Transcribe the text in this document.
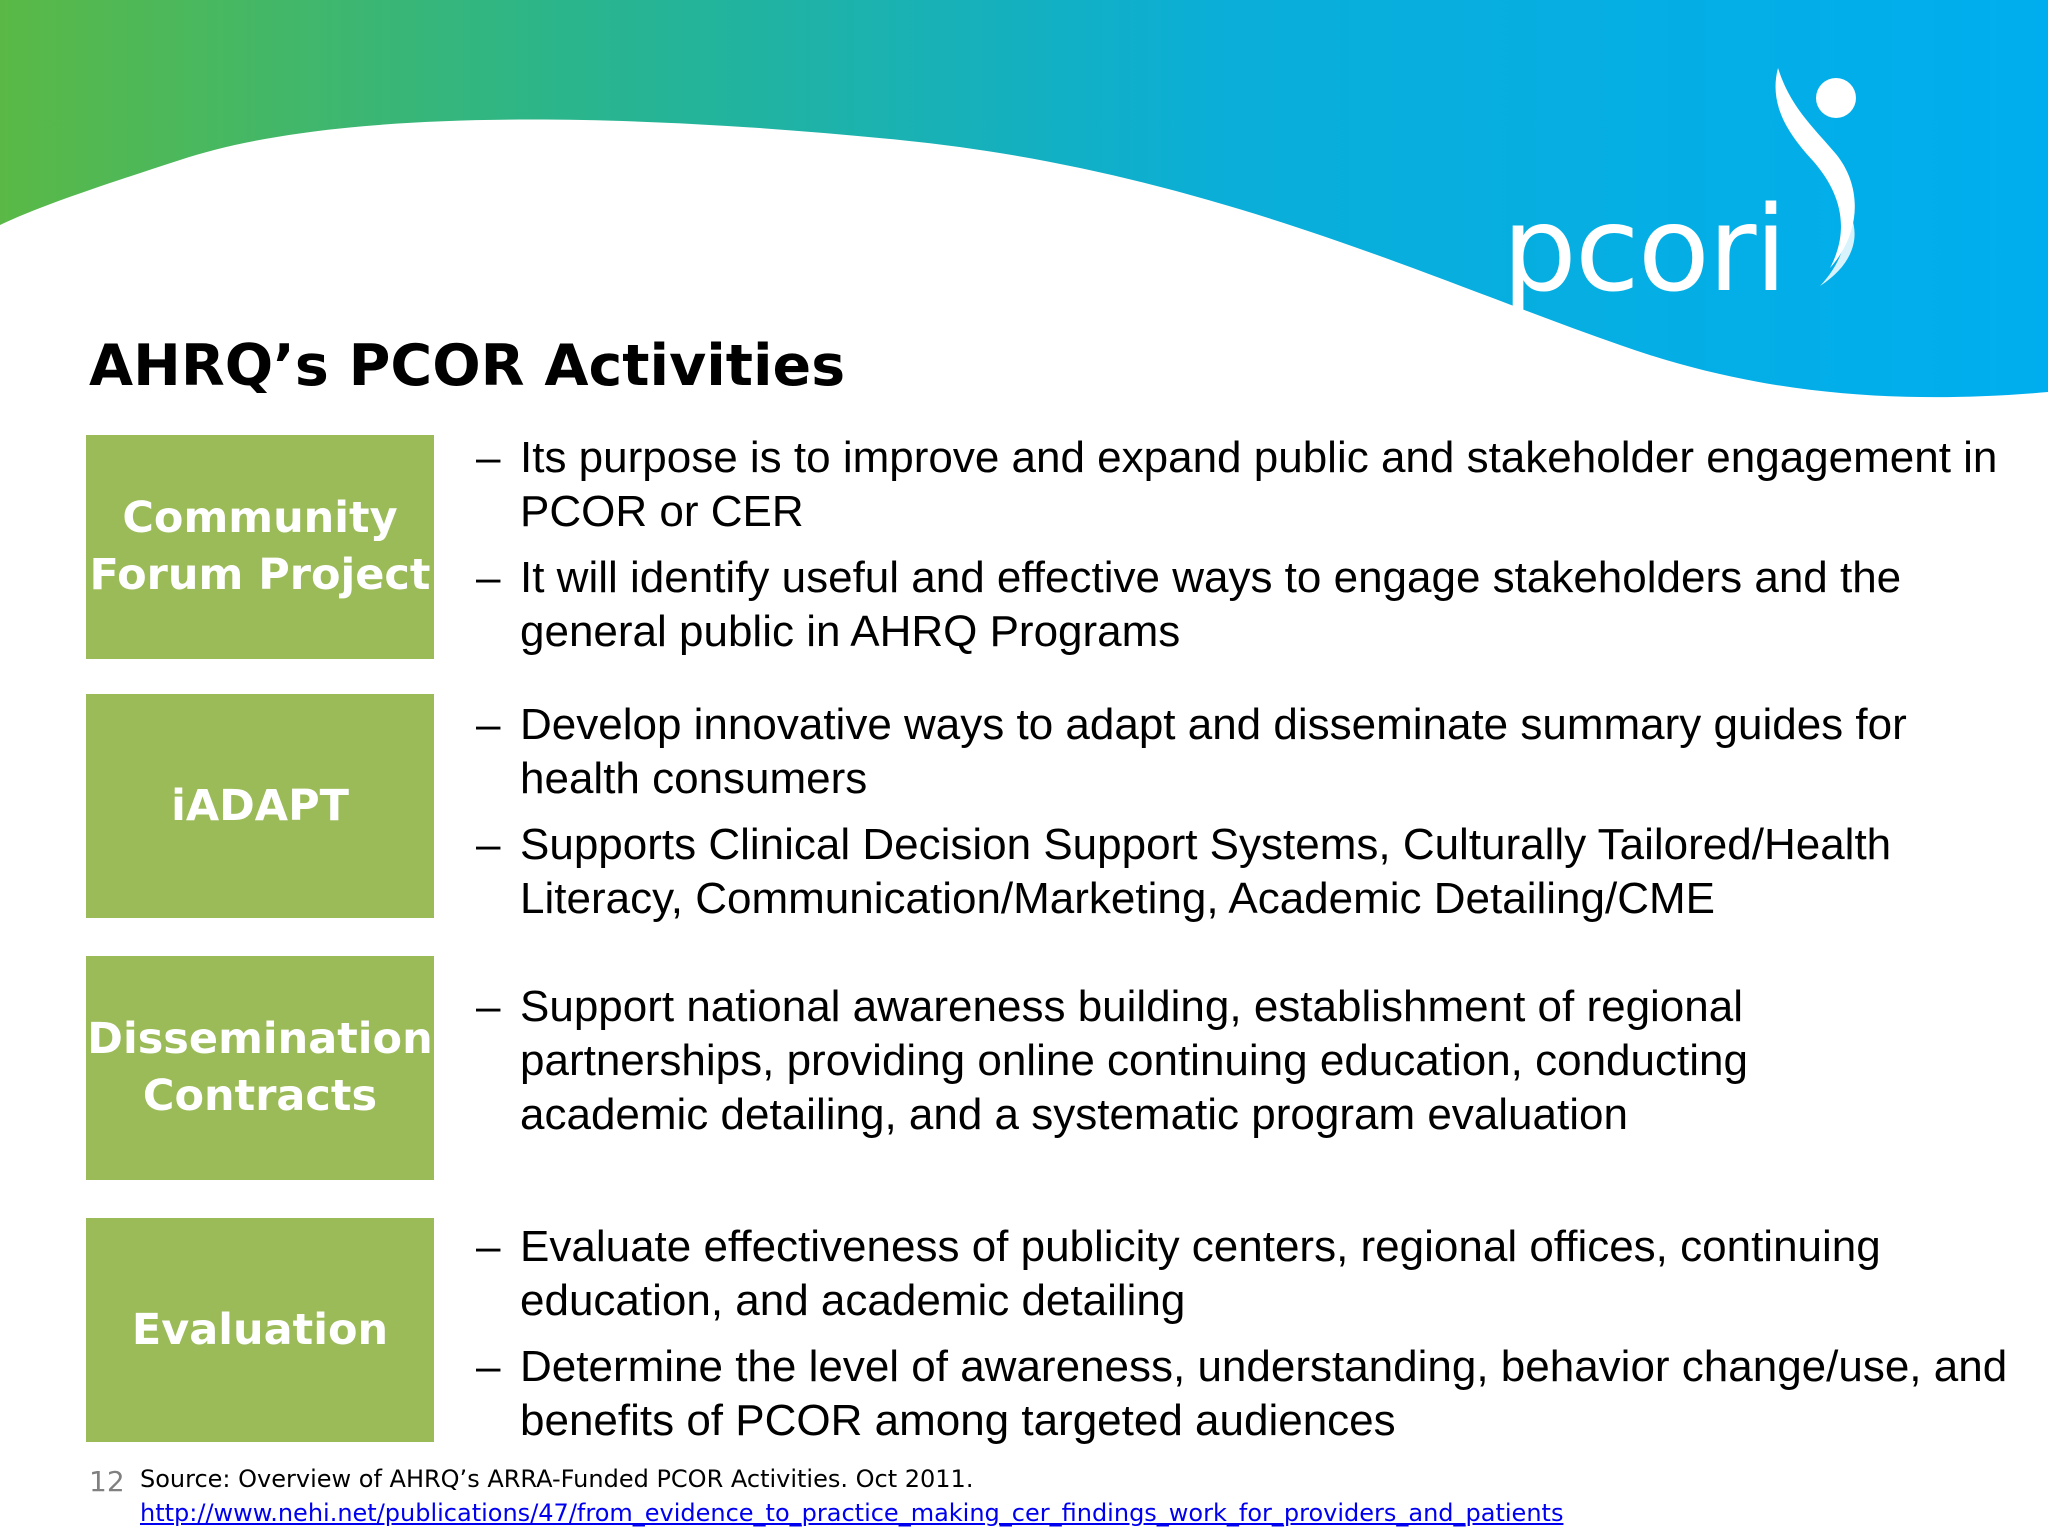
pcori
AHRQ’s PCOR Activities
Community
Forum Project
– Its purpose is to improve and expand public and stakeholder engagement in PCOR or CER
– It will identify useful and effective ways to engage stakeholders and the general public in AHRQ Programs
iADAPT
– Develop innovative ways to adapt and disseminate summary guides for health consumers
– Supports Clinical Decision Support Systems, Culturally Tailored/Health Literacy, Communication/Marketing, Academic Detailing/CME
Dissemination
Contracts
– Support national awareness building, establishment of regional partnerships, providing online continuing education, conducting academic detailing, and a systematic program evaluation
Evaluation
– Evaluate effectiveness of publicity centers, regional offices, continuing education, and academic detailing
– Determine the level of awareness, understanding, behavior change/use, and benefits of PCOR among targeted audiences
12 Source: Overview of AHRQ’s ARRA-Funded PCOR Activities. Oct 2011.
http://www.nehi.net/publications/47/from_evidence_to_practice_making_cer_findings_work_for_providers_and_patients
